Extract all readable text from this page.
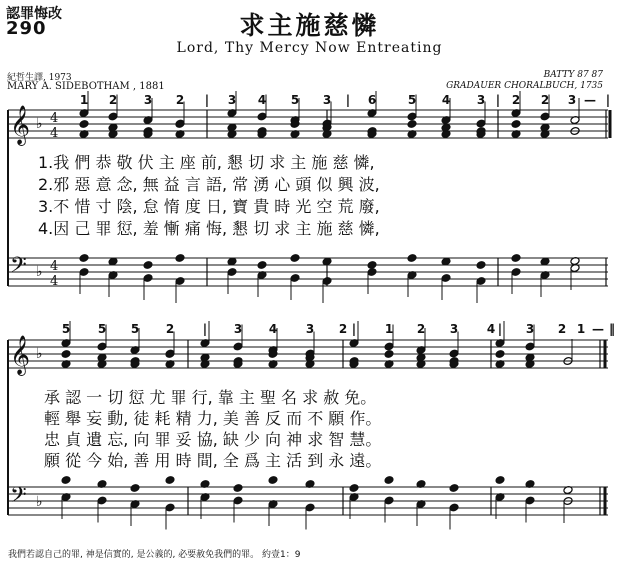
認罪悔改
290	求主施慈憐
Lord, Thy Mercy Now Entreating
紀哲生譯, 1973
MARY A. SIDEBOTHAM , 1881
BATTY 87 87
GRADAUER CHORALBUCH, 1735
𝄞
𝄢
𝄞
𝄢
♭
♭
♭
♭
4
4
4
4
1 2 3 2 | 3 4 5 3 | 6	5 4 3 | 2 2 3 — |
5 5 5 2 | 3 4 3 2 | 1 2 3 4 | 3 2 1 — ‖
1.我 們 恭 敬 伏 主 座 前, 懇 切 求 主 施 慈 憐,
2.邪 惡 意 念, 無 益 言 語, 常 湧 心 頭 似 興 波,
3.不 惜 寸 陰, 怠 惰 度 日, 寶 貴 時 光 空 荒 廢,
4.因 己 罪 愆, 羞 慚 痛 悔, 懇 切 求 主 施 慈 憐,
承 認 一 切 愆 尤 罪 行, 靠 主 聖 名 求 赦 免。
輕 舉 妄 動, 徒 耗 精 力, 美 善 反 而 不 願 作。
忠 貞 遺 忘, 向 罪 妥 協, 缺 少 向 神 求 智 慧。
願 從 今 始, 善 用 時 間, 全 爲 主 活 到 永 遠。
我們若認自己的罪, 神是信實的, 是公義的, 必要赦免我們的罪。 約壹1：9
